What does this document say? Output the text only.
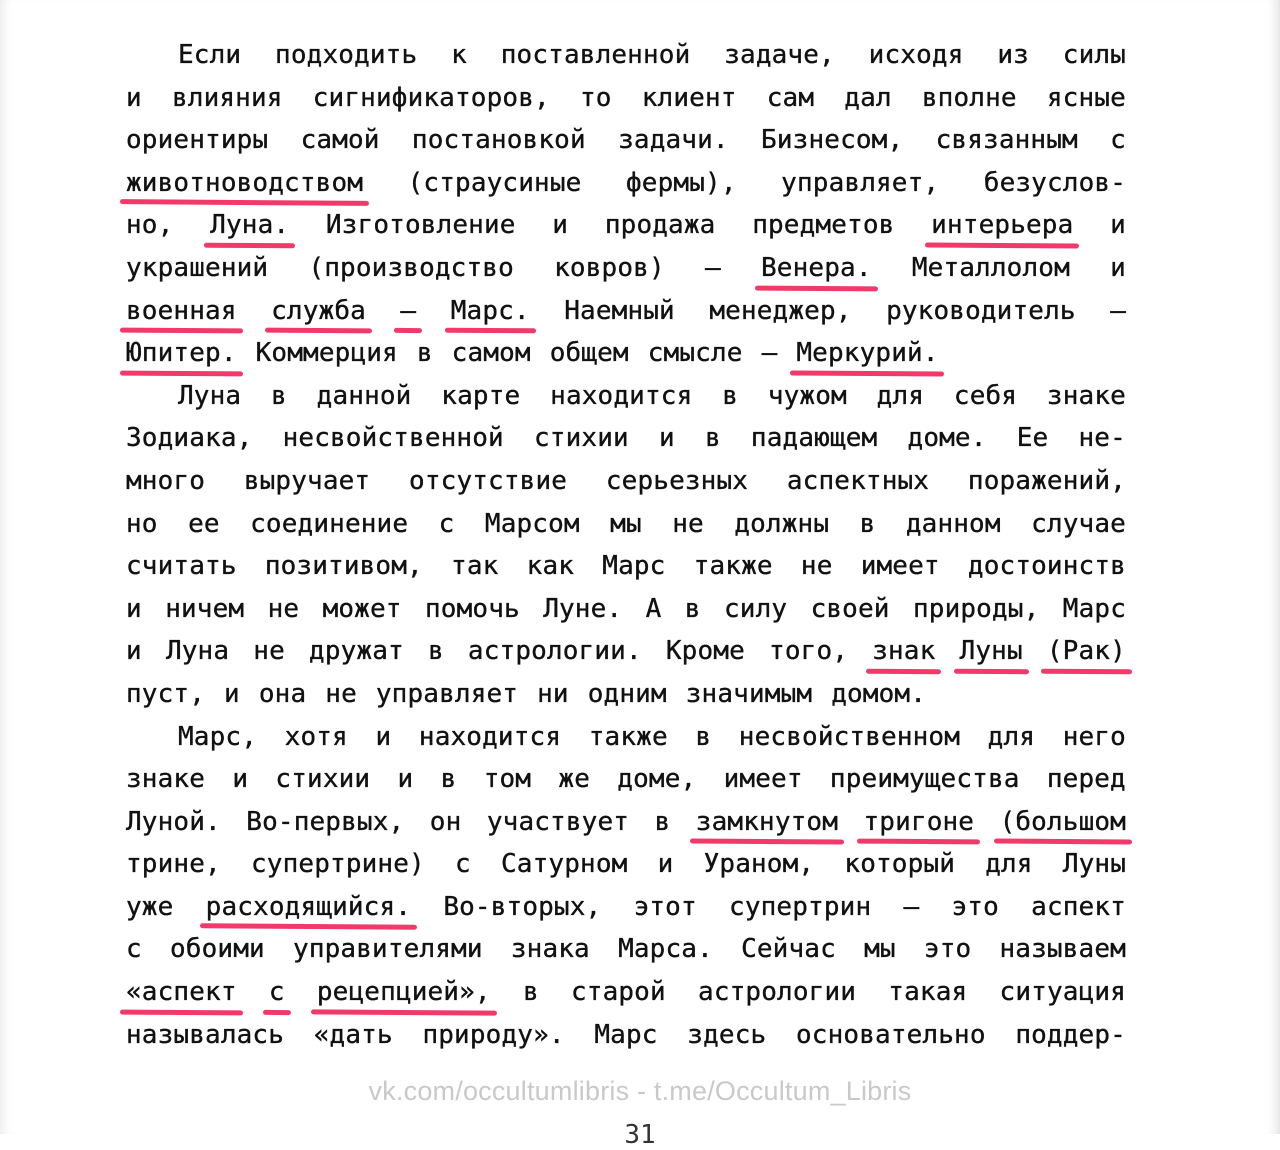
Если подходить к поставленной задаче, исходя из силы
и влияния сигнификаторов, то клиент сам дал вполне ясные
ориентиры самой постановкой задачи. Бизнесом, связанным с
животноводством (страусиные фермы), управляет, безуслов-
но, Луна. Изготовление и продажа предметов интерьера и
украшений (производство ковров) — Венера. Металлолом и
военная служба — Марс. Наемный менеджер, руководитель —
Юпитер. Коммерция в самом общем смысле — Меркурий.
Луна в данной карте находится в чужом для себя знаке
Зодиака, несвойственной стихии и в падающем доме. Ее не-
много выручает отсутствие серьезных аспектных поражений,
но ее соединение с Марсом мы не должны в данном случае
считать позитивом, так как Марс также не имеет достоинств
и ничем не может помочь Луне. А в силу своей природы, Марс
и Луна не дружат в астрологии. Кроме того, знак Луны (Рак)
пуст, и она не управляет ни одним значимым домом.
Марс, хотя и находится также в несвойственном для него
знаке и стихии и в том же доме, имеет преимущества перед
Луной. Во-первых, он участвует в замкнутом тригоне (большом
трине, супертрине) с Сатурном и Ураном, который для Луны
уже расходящийся. Во-вторых, этот супертрин — это аспект
с обоими управителями знака Марса. Сейчас мы это называем
«аспект с рецепцией», в старой астрологии такая ситуация
называлась «дать природу». Марс здесь основательно поддер-
vk.com/occultumlibris - t.me/Occultum_Libris
31
